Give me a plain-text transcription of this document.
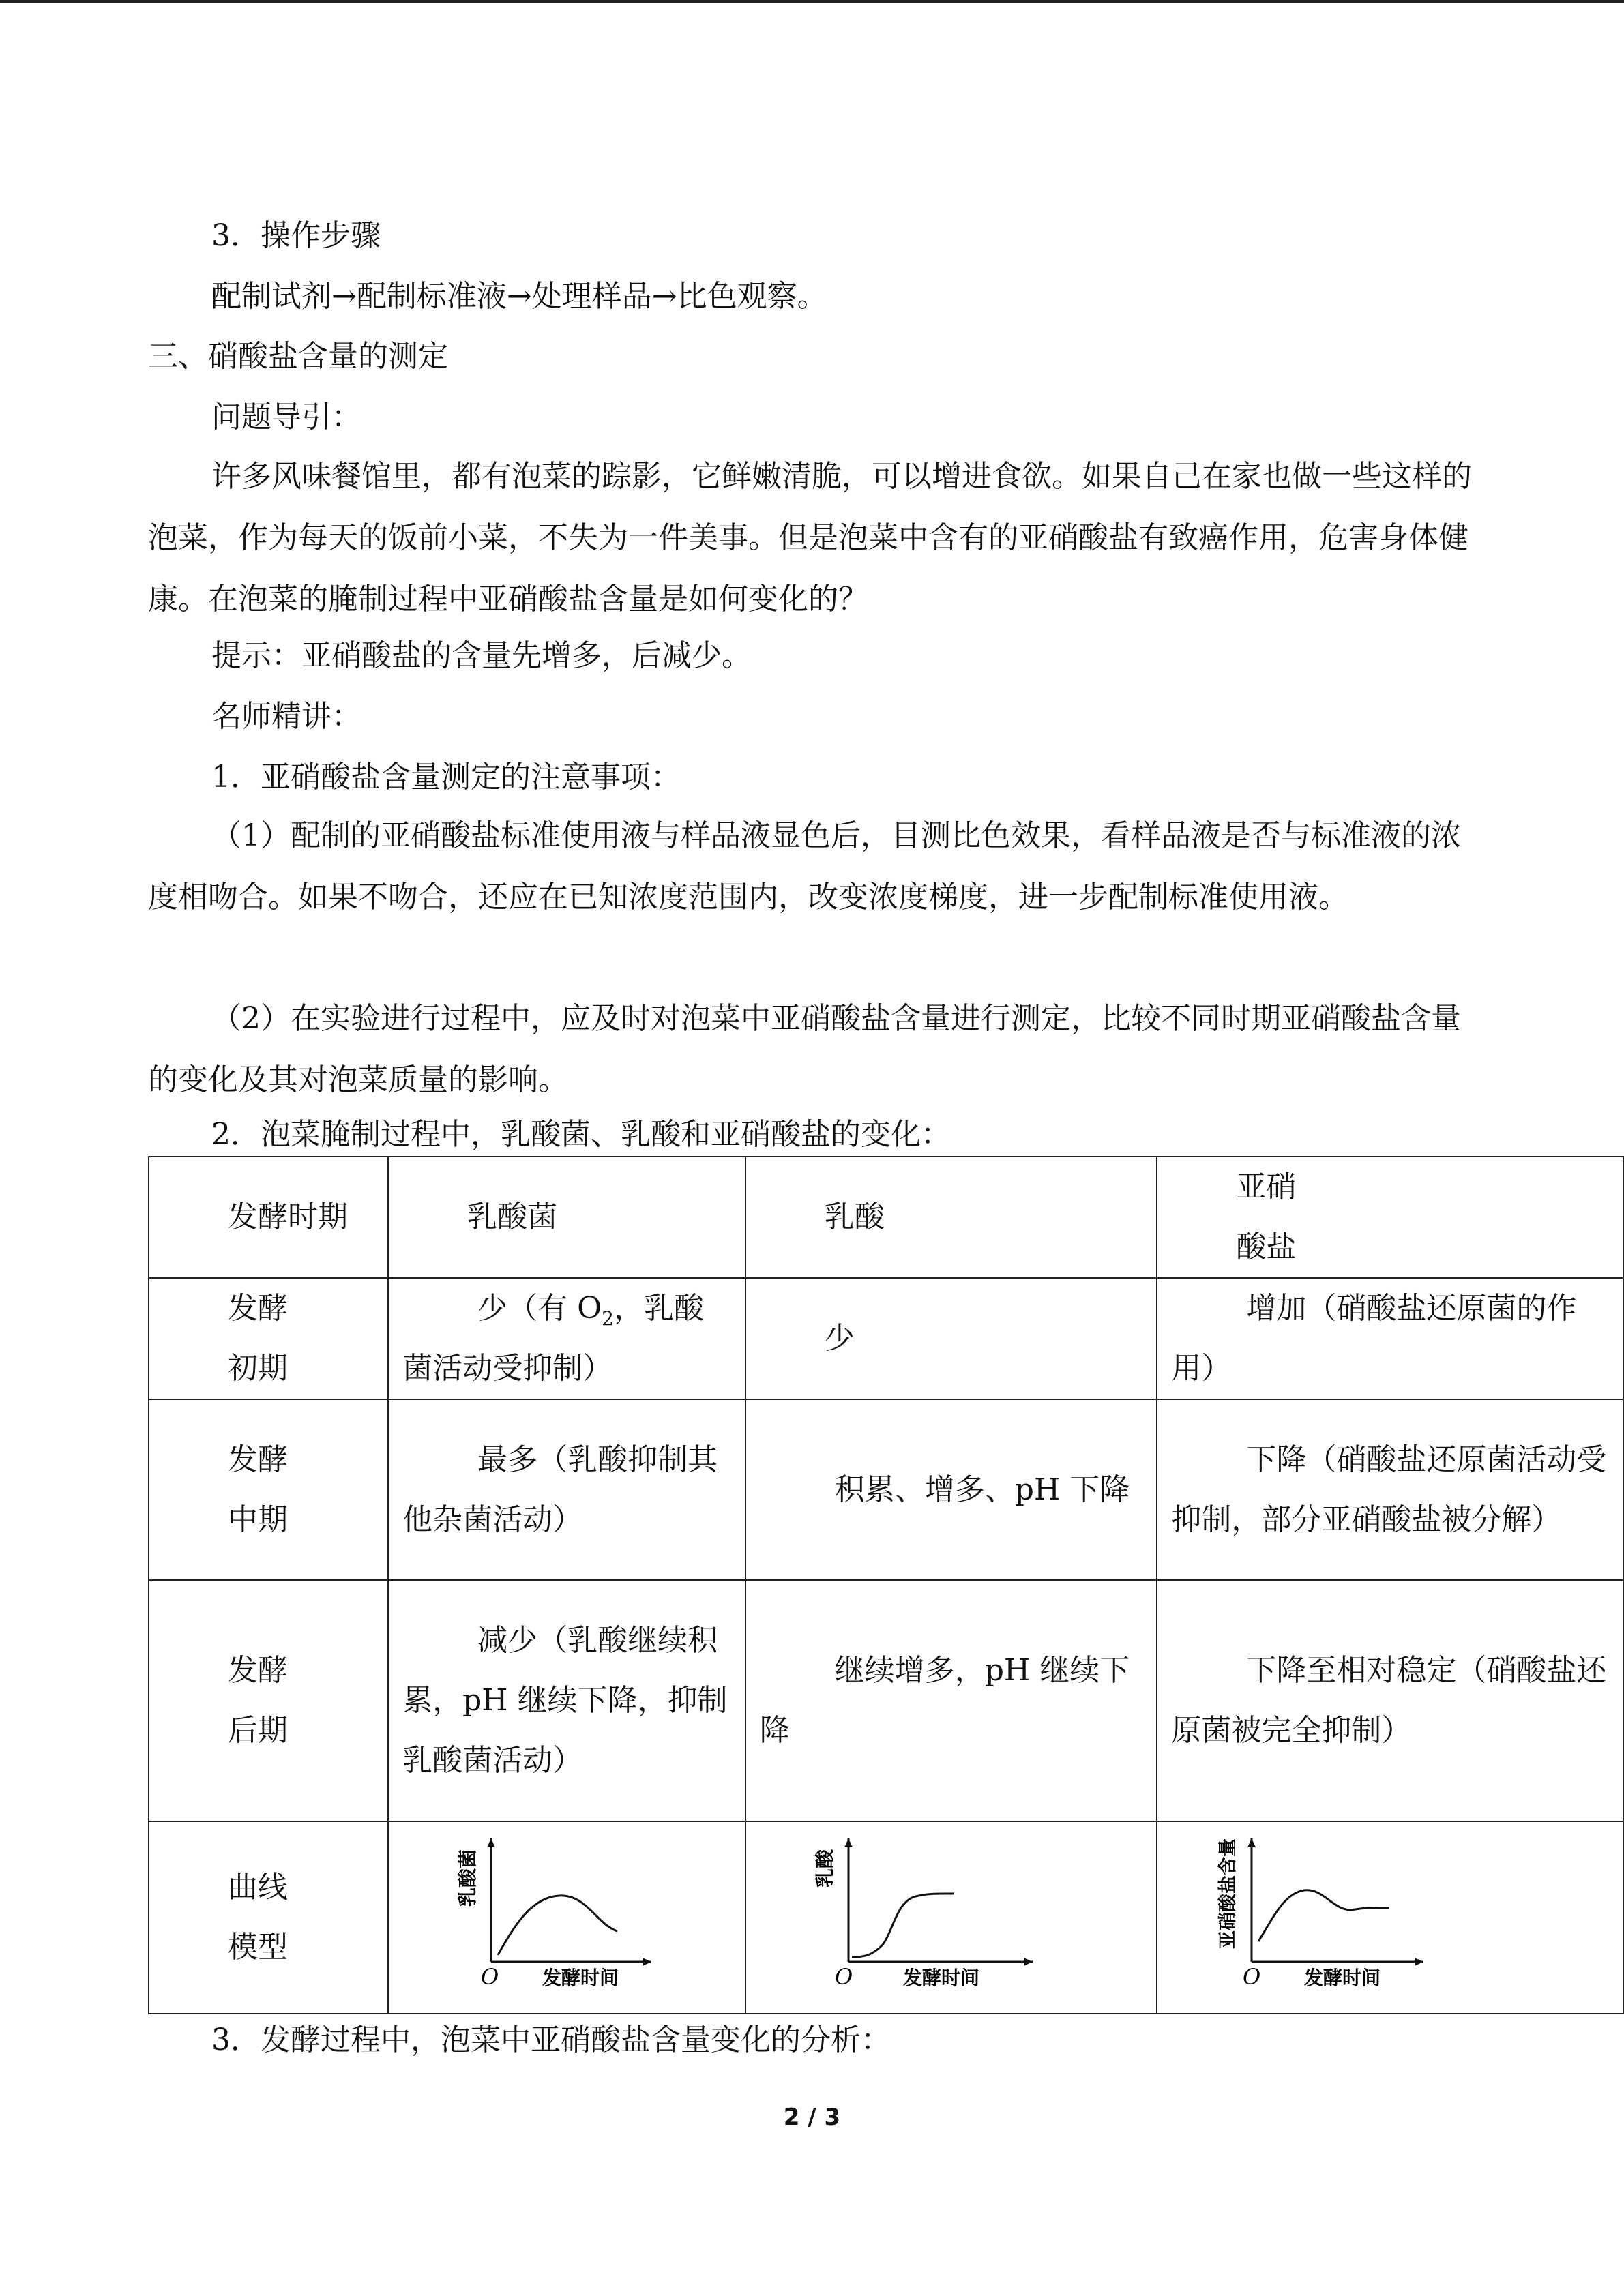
3．操作步骤
配制试剂→配制标准液→处理样品→比色观察。
三、硝酸盐含量的测定
问题导引：
许多风味餐馆里，都有泡菜的踪影，它鲜嫩清脆，可以增进食欲。如果自己在家也做一些这样的泡菜，作为每天的饭前小菜，不失为一件美事。但是泡菜中含有的亚硝酸盐有致癌作用，危害身体健康。在泡菜的腌制过程中亚硝酸盐含量是如何变化的？
提示：亚硝酸盐的含量先增多，后减少。
名师精讲：
1．亚硝酸盐含量测定的注意事项：
（1）配制的亚硝酸盐标准使用液与样品液显色后，目测比色效果，看样品液是否与标准液的浓度相吻合。如果不吻合，还应在已知浓度范围内，改变浓度梯度，进一步配制标准使用液。
（2）在实验进行过程中，应及时对泡菜中亚硝酸盐含量进行测定，比较不同时期亚硝酸盐含量的变化及其对泡菜质量的影响。
2．泡菜腌制过程中，乳酸菌、乳酸和亚硝酸盐的变化：
发酵时期	乳酸菌	乳酸	亚硝
酸盐

发酵
初期	少（有 $O_2$，乳酸菌活动受抑制）	少	增加（硝酸盐还原菌的作用）

发酵
中期	最多（乳酸抑制其他杂菌活动）	积累、增多、pH 下降	下降（硝酸盐还原菌活动受抑制，部分亚硝酸盐被分解）

发酵
后期	减少（乳酸继续积累，pH 继续下降，抑制乳酸菌活动）	继续增多，pH 继续下降	下降至相对稳定（硝酸盐还原菌被完全抑制）

曲线
模型	乳酸菌
O 发酵时间	乳酸
O 发酵时间	亚硝酸盐含量
O 发酵时间
3．发酵过程中，泡菜中亚硝酸盐含量变化的分析：
2 / 3
